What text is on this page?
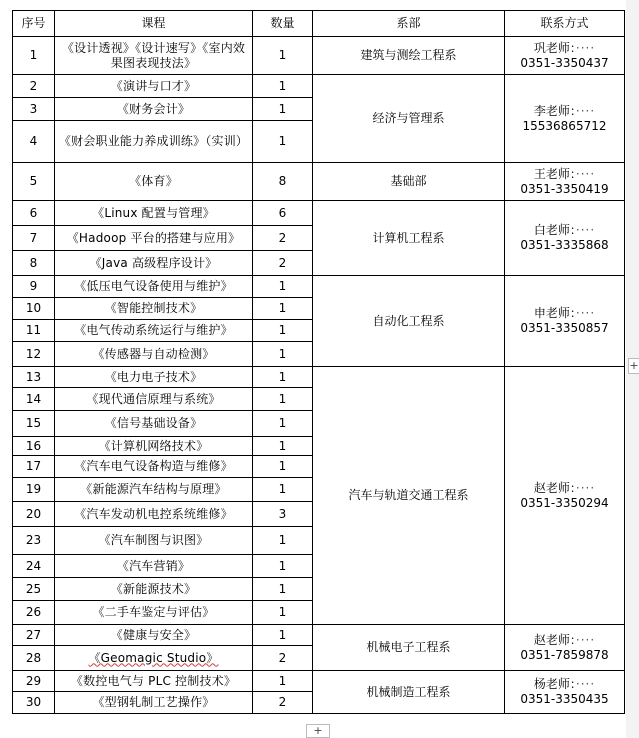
序号	课程	数量	系部	联系方式
1	《设计透视》《设计速写》《室内效果图表现技法》	1	建筑与测绘工程系	巩老师：····
0351-3350437

2	《演讲与口才》	1	经济与管理系	李老师：····
15536865712

3	《财务会计》	1		
4	《财会职业能力养成训练》（实训）	1		
5	《体育》	8	基础部	王老师：····
0351-3350419

6	《Linux 配置与管理》	6	计算机工程系	白老师：····
0351-3335868

7	《Hadoop 平台的搭建与应用》	2		
8	《Java 高级程序设计》	2		
9	《低压电气设备使用与维护》	1	自动化工程系	申老师：····
0351-3350857

10	《智能控制技术》	1		
11	《电气传动系统运行与维护》	1		
12	《传感器与自动检测》	1		
13	《电力电子技术》	1	汽车与轨道交通工程系	赵老师：····
0351-3350294

14	《现代通信原理与系统》	1		
15	《信号基础设备》	1		
16	《计算机网络技术》	1		
17	《汽车电气设备构造与维修》	1		
19	《新能源汽车结构与原理》	1		
20	《汽车发动机电控系统维修》	3		
23	《汽车制图与识图》	1		
24	《汽车营销》	1		
25	《新能源技术》	1		
26	《二手车鉴定与评估》	1		
27	《健康与安全》	1	机械电子工程系	赵老师：····
0351-7859878

28	《Geomagic Studio》	2		
29	《数控电气与 PLC 控制技术》	1	机械制造工程系	杨老师：····
0351-3350435

30	《型钢轧制工艺操作》	2		
+
+
